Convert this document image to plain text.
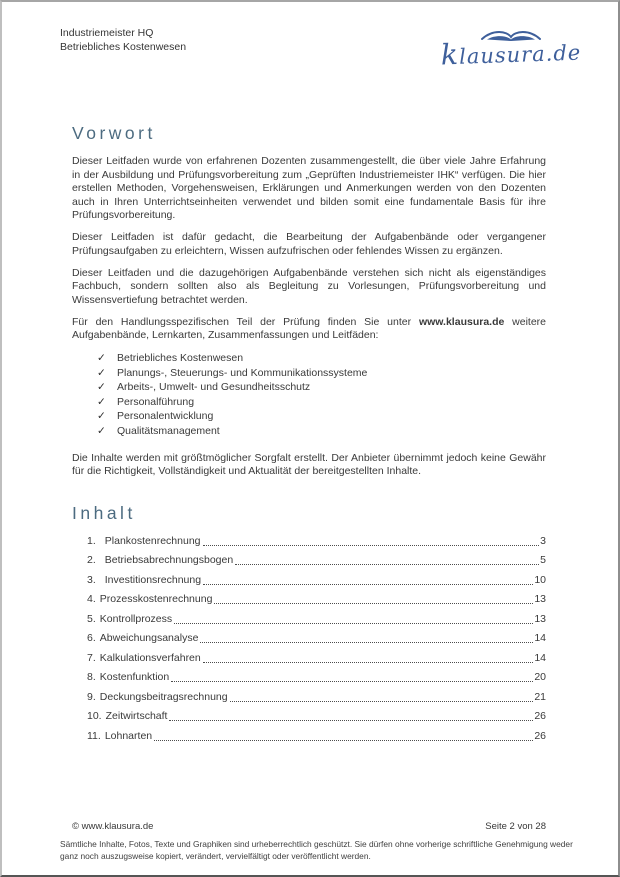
Industriemeister HQ
Betriebliches Kostenwesen	klausura.de
Vorwort

Dieser Leitfaden wurde von erfahrenen Dozenten zusammengestellt, die über viele Jahre Erfahrung in der Ausbildung und Prüfungsvorbereitung zum „Geprüften Industriemeister IHK“ verfügen. Die hier erstellen Methoden, Vorgehensweisen, Erklärungen und Anmerkungen werden von den Dozenten auch in Ihren Unterrichtseinheiten verwendet und bilden somit eine fundamentale Basis für ihre Prüfungsvorbereitung.

Dieser Leitfaden ist dafür gedacht, die Bearbeitung der Aufgabenbände oder vergangener Prüfungsaufgaben zu erleichtern, Wissen aufzufrischen oder fehlendes Wissen zu ergänzen.

Dieser Leitfaden und die dazugehörigen Aufgabenbände verstehen sich nicht als eigenständiges Fachbuch, sondern sollten also als Begleitung zu Vorlesungen, Prüfungsvorbereitung und Wissensvertiefung betrachtet werden.

Für den Handlungsspezifischen Teil der Prüfung finden Sie unter www.klausura.de weitere Aufgabenbände, Lernkarten, Zusammenfassungen und Leitfäden:

✓	Betriebliches Kostenwesen
✓	Planungs-, Steuerungs- und Kommunikationssysteme
✓	Arbeits-, Umwelt- und Gesundheitsschutz
✓	Personalführung
✓	Personalentwicklung
✓	Qualitätsmanagement

Die Inhalte werden mit größtmöglicher Sorgfalt erstellt. Der Anbieter übernimmt jedoch keine Gewähr für die Richtigkeit, Vollständigkeit und Aktualität der bereitgestellten Inhalte.

Inhalt
1. Plankostenrechnung	3
2. Betriebsabrechnungsbogen	5
3. Investitionsrechnung	10
4. Prozesskostenrechnung	13
5. Kontrollprozess	13
6. Abweichungsanalyse	14
7. Kalkulationsverfahren	14
8. Kostenfunktion	20
9. Deckungsbeitragsrechnung	21
10. Zeitwirtschaft	26
11. Lohnarten	26
© www.klausura.de	Seite 2 von 28
Sämtliche Inhalte, Fotos, Texte und Graphiken sind urheberrechtlich geschützt. Sie dürfen ohne vorherige schriftliche Genehmigung weder ganz noch auszugsweise kopiert, verändert, vervielfältigt oder veröffentlicht werden.
